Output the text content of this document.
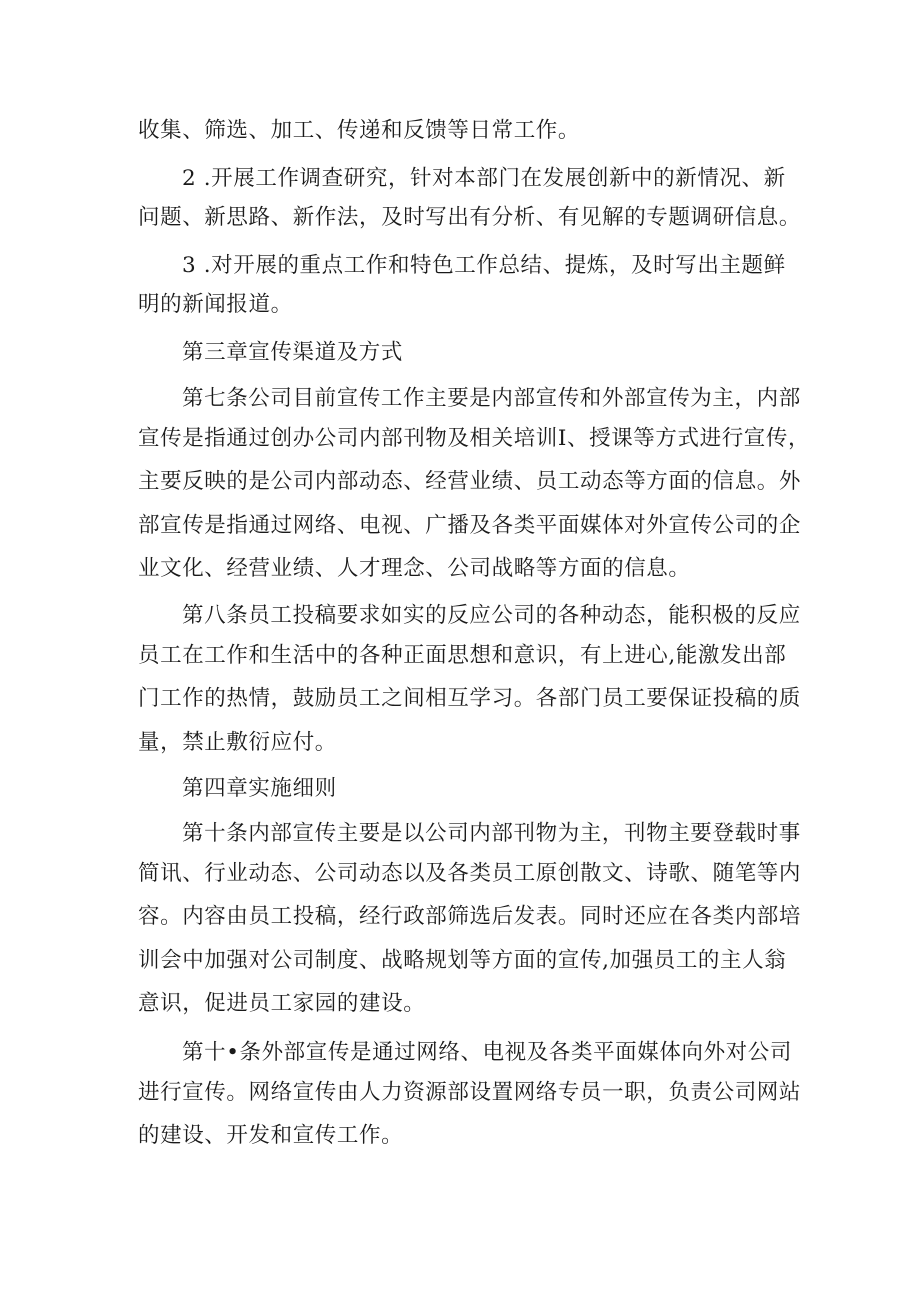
收集、筛选、加工、传递和反馈等日常工作。
2 .开展工作调查研究，针对本部门在发展创新中的新情况、新
问题、新思路、新作法，及时写出有分析、有见解的专题调研信息。
3 .对开展的重点工作和特色工作总结、提炼，及时写出主题鲜
明的新闻报道。
第三章宣传渠道及方式
第七条公司目前宣传工作主要是内部宣传和外部宣传为主，内部
宣传是指通过创办公司内部刊物及相关培训I、授课等方式进行宣传，
主要反映的是公司内部动态、经营业绩、员工动态等方面的信息。外
部宣传是指通过网络、电视、广播及各类平面媒体对外宣传公司的企
业文化、经营业绩、人才理念、公司战略等方面的信息。
第八条员工投稿要求如实的反应公司的各种动态，能积极的反应
员工在工作和生活中的各种正面思想和意识，有上进心,能激发出部
门工作的热情，鼓励员工之间相互学习。各部门员工要保证投稿的质
量，禁止敷衍应付。
第四章实施细则
第十条内部宣传主要是以公司内部刊物为主，刊物主要登载时事
简讯、行业动态、公司动态以及各类员工原创散文、诗歌、随笔等内
容。内容由员工投稿，经行政部筛选后发表。同时还应在各类内部培
训会中加强对公司制度、战略规划等方面的宣传,加强员工的主人翁
意识，促进员工家园的建设。
第十•条外部宣传是通过网络、电视及各类平面媒体向外对公司
进行宣传。网络宣传由人力资源部设置网络专员一职，负责公司网站
的建设、开发和宣传工作。
